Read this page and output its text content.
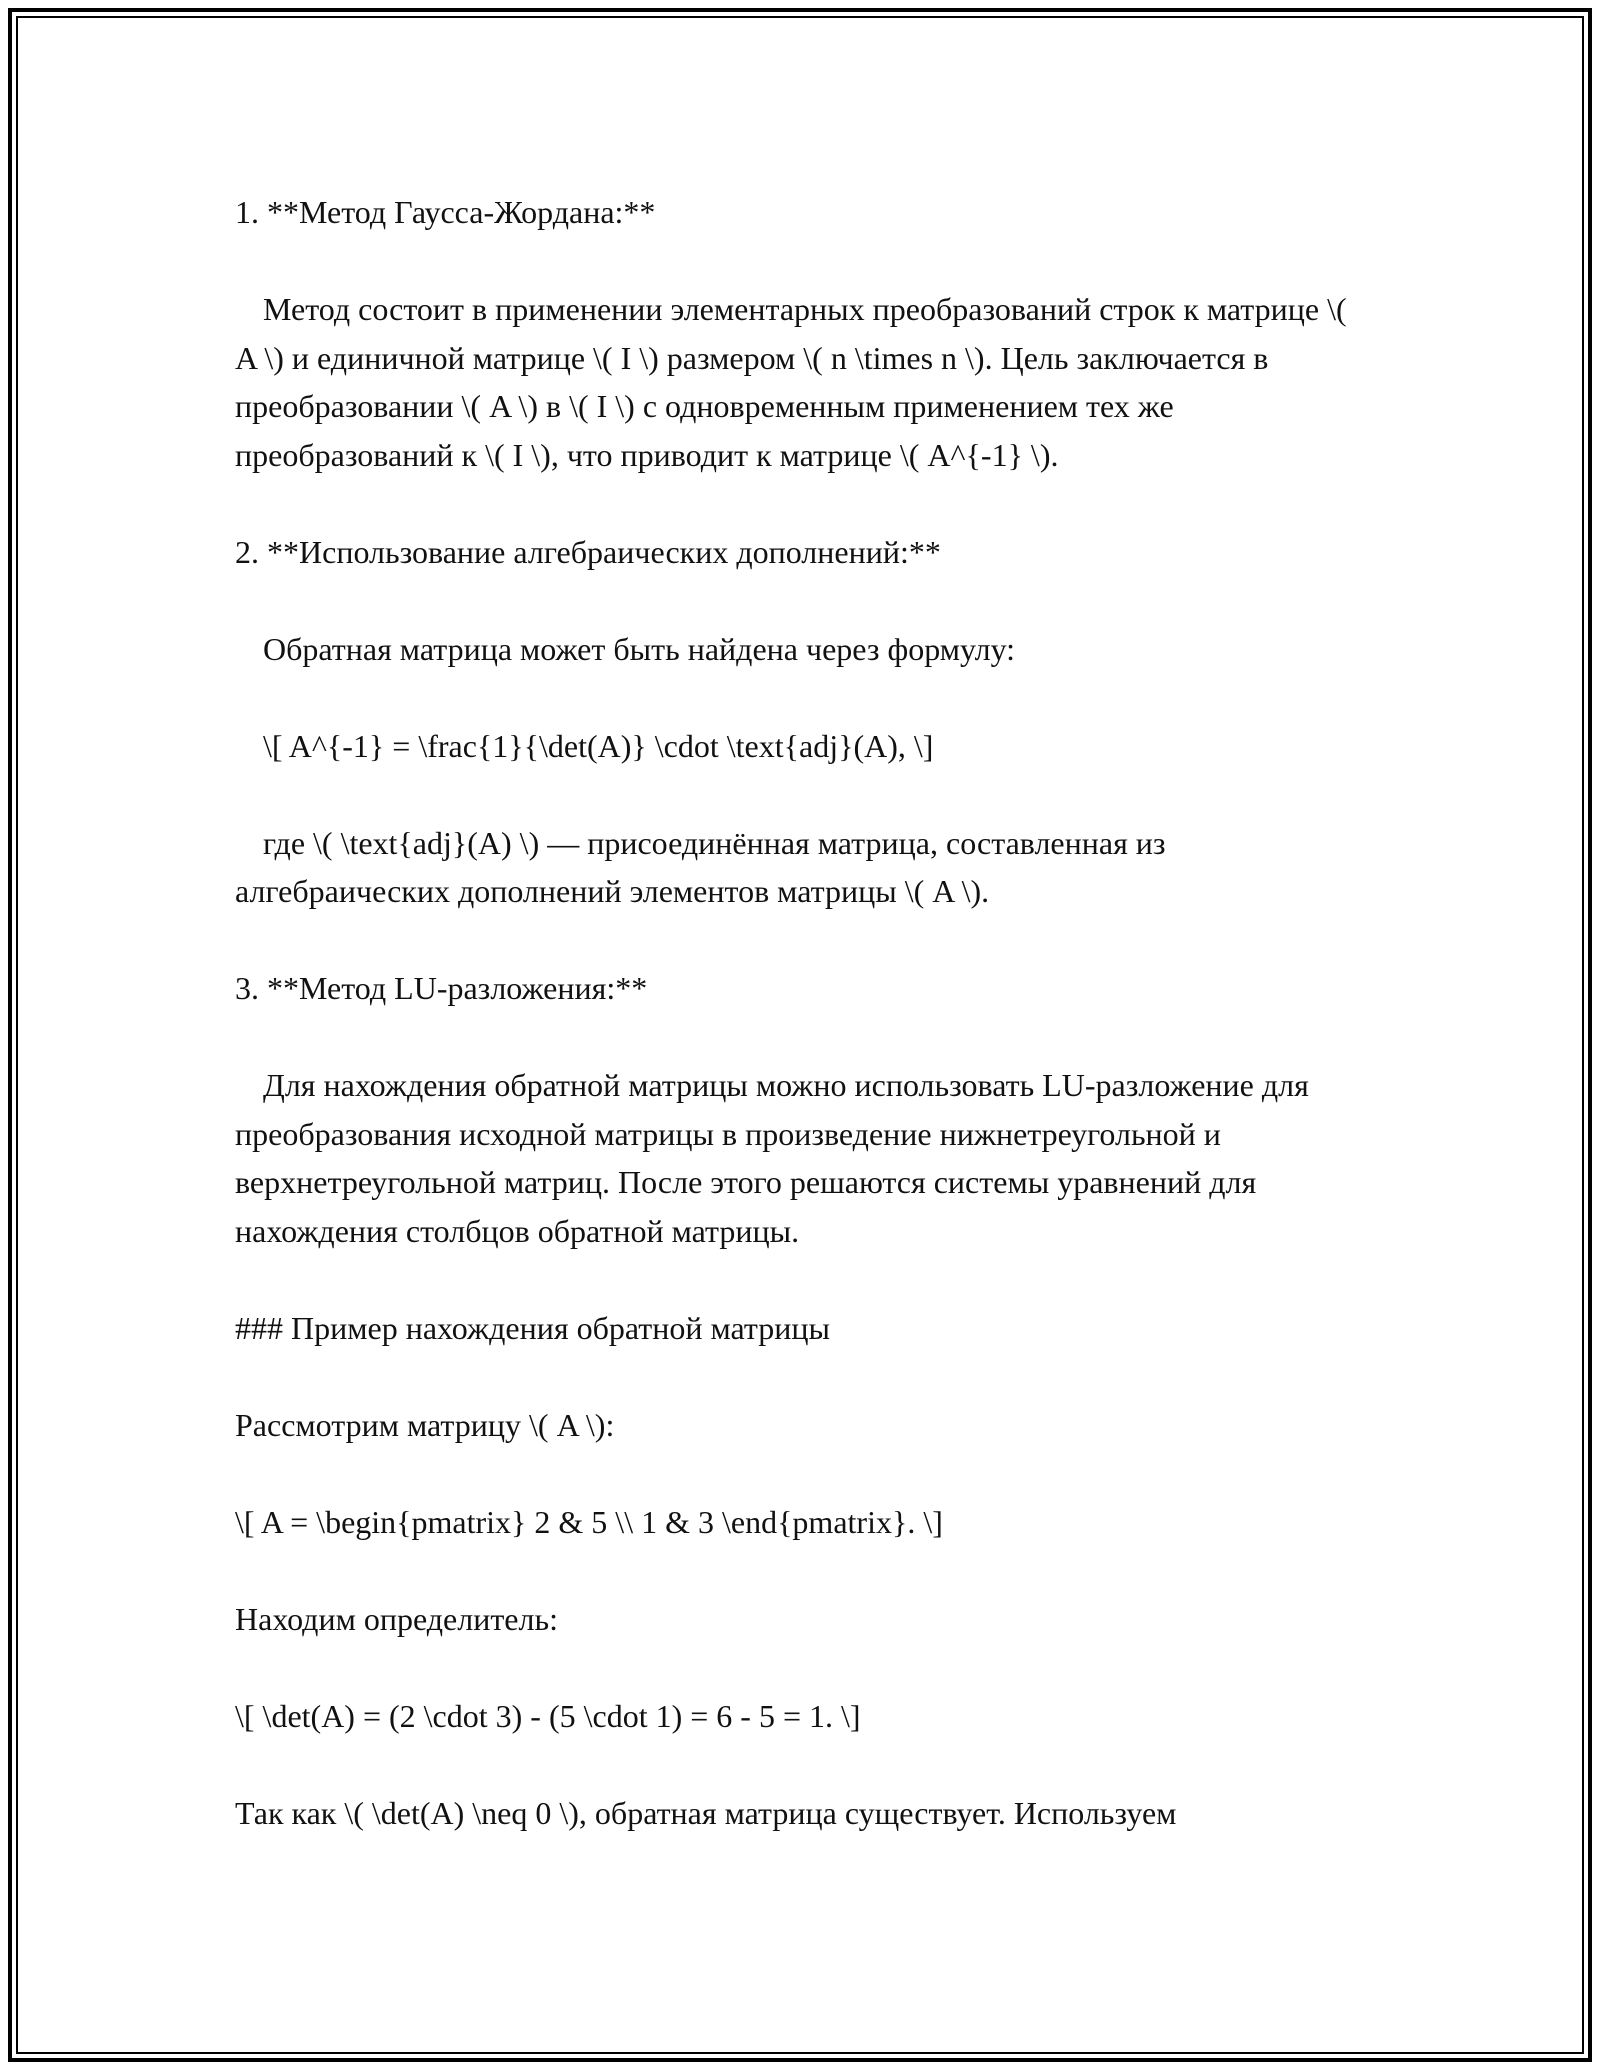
1. **Метод Гаусса-Жордана:**

Метод состоит в применении элементарных преобразований строк к матрице \( A \) и единичной матрице \( I \) размером \( n \times n \). Цель заключается в преобразовании \( A \) в \( I \) с одновременным применением тех же преобразований к \( I \), что приводит к матрице \( A^{-1} \).

2. **Использование алгебраических дополнений:**

Обратная матрица может быть найдена через формулу:

\[ A^{-1} = \frac{1}{\det(A)} \cdot \text{adj}(A), \]

где \( \text{adj}(A) \) — присоединённая матрица, составленная из алгебраических дополнений элементов матрицы \( A \).

3. **Метод LU-разложения:**

Для нахождения обратной матрицы можно использовать LU-разложение для преобразования исходной матрицы в произведение нижнетреугольной и верхнетреугольной матриц. После этого решаются системы уравнений для нахождения столбцов обратной матрицы.

### Пример нахождения обратной матрицы

Рассмотрим матрицу \( A \):

\[ A = \begin{pmatrix} 2 & 5 \\ 1 & 3 \end{pmatrix}. \]

Находим определитель:

\[ \det(A) = (2 \cdot 3) - (5 \cdot 1) = 6 - 5 = 1. \]

Так как \( \det(A) \neq 0 \), обратная матрица существует. Используем
